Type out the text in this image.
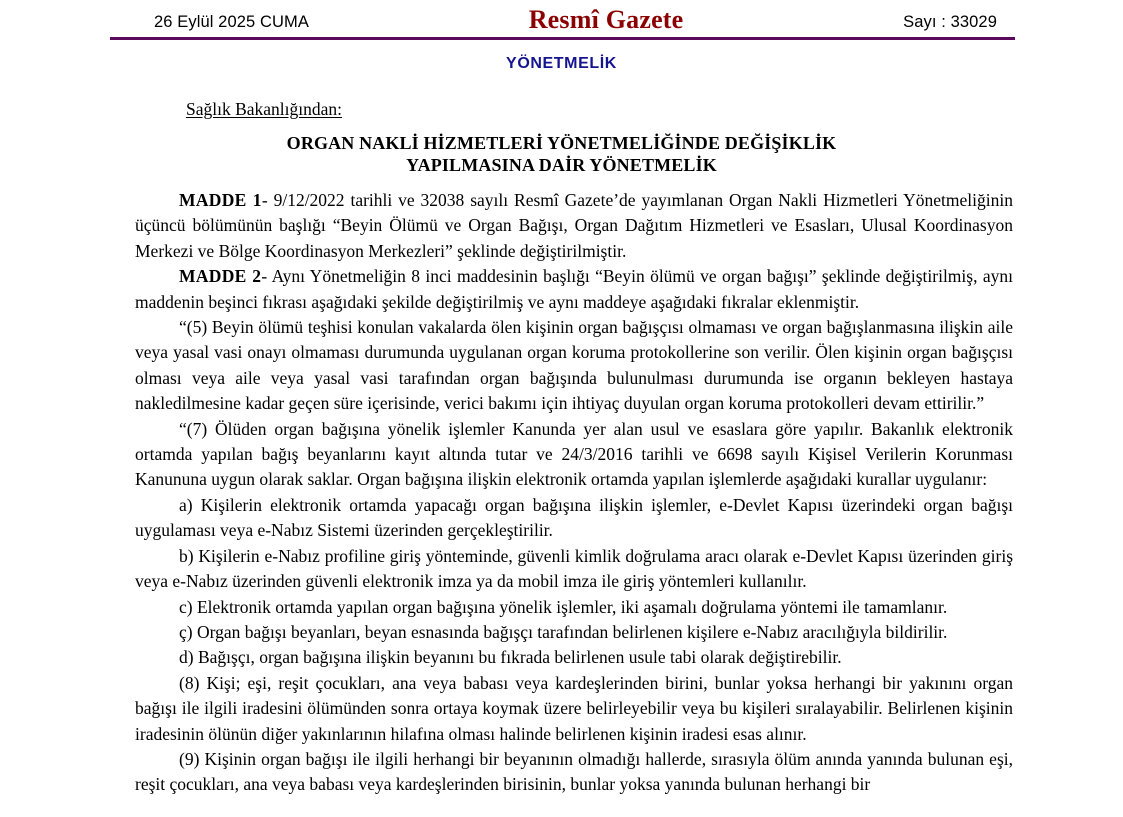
26 Eylül 2025 CUMA	Resmî Gazete	Sayı : 33029
YÖNETMELİK
Sağlık Bakanlığından:
ORGAN NAKLİ HİZMETLERİ YÖNETMELİĞİNDE DEĞİŞİKLİK
YAPILMASINA DAİR YÖNETMELİK

MADDE 1- 9/12/2022 tarihli ve 32038 sayılı Resmî Gazete’de yayımlanan Organ Nakli Hizmetleri Yönetmeliğinin üçüncü bölümünün başlığı “Beyin Ölümü ve Organ Bağışı, Organ Dağıtım Hizmetleri ve Esasları, Ulusal Koordinasyon Merkezi ve Bölge Koordinasyon Merkezleri” şeklinde değiştirilmiştir.

MADDE 2- Aynı Yönetmeliğin 8 inci maddesinin başlığı “Beyin ölümü ve organ bağışı” şeklinde değiştirilmiş, aynı maddenin beşinci fıkrası aşağıdaki şekilde değiştirilmiş ve aynı maddeye aşağıdaki fıkralar eklenmiştir.

“(5) Beyin ölümü teşhisi konulan vakalarda ölen kişinin organ bağışçısı olmaması ve organ bağışlanmasına ilişkin aile veya yasal vasi onayı olmaması durumunda uygulanan organ koruma protokollerine son verilir. Ölen kişinin organ bağışçısı olması veya aile veya yasal vasi tarafından organ bağışında bulunulması durumunda ise organın bekleyen hastaya nakledilmesine kadar geçen süre içerisinde, verici bakımı için ihtiyaç duyulan organ koruma protokolleri devam ettirilir.”

“(7) Ölüden organ bağışına yönelik işlemler Kanunda yer alan usul ve esaslara göre yapılır. Bakanlık elektronik ortamda yapılan bağış beyanlarını kayıt altında tutar ve 24/3/2016 tarihli ve 6698 sayılı Kişisel Verilerin Korunması Kanununa uygun olarak saklar. Organ bağışına ilişkin elektronik ortamda yapılan işlemlerde aşağıdaki kurallar uygulanır:

a) Kişilerin elektronik ortamda yapacağı organ bağışına ilişkin işlemler, e-Devlet Kapısı üzerindeki organ bağışı uygulaması veya e-Nabız Sistemi üzerinden gerçekleştirilir.

b) Kişilerin e-Nabız profiline giriş yönteminde, güvenli kimlik doğrulama aracı olarak e-Devlet Kapısı üzerinden giriş veya e-Nabız üzerinden güvenli elektronik imza ya da mobil imza ile giriş yöntemleri kullanılır.

c) Elektronik ortamda yapılan organ bağışına yönelik işlemler, iki aşamalı doğrulama yöntemi ile tamamlanır.

ç) Organ bağışı beyanları, beyan esnasında bağışçı tarafından belirlenen kişilere e-Nabız aracılığıyla bildirilir.

d) Bağışçı, organ bağışına ilişkin beyanını bu fıkrada belirlenen usule tabi olarak değiştirebilir.

(8) Kişi; eşi, reşit çocukları, ana veya babası veya kardeşlerinden birini, bunlar yoksa herhangi bir yakınını organ bağışı ile ilgili iradesini ölümünden sonra ortaya koymak üzere belirleyebilir veya bu kişileri sıralayabilir. Belirlenen kişinin iradesinin ölünün diğer yakınlarının hilafına olması halinde belirlenen kişinin iradesi esas alınır.

(9) Kişinin organ bağışı ile ilgili herhangi bir beyanının olmadığı hallerde, sırasıyla ölüm anında yanında bulunan eşi, reşit çocukları, ana veya babası veya kardeşlerinden birisinin, bunlar yoksa yanında bulunan herhangi bir
